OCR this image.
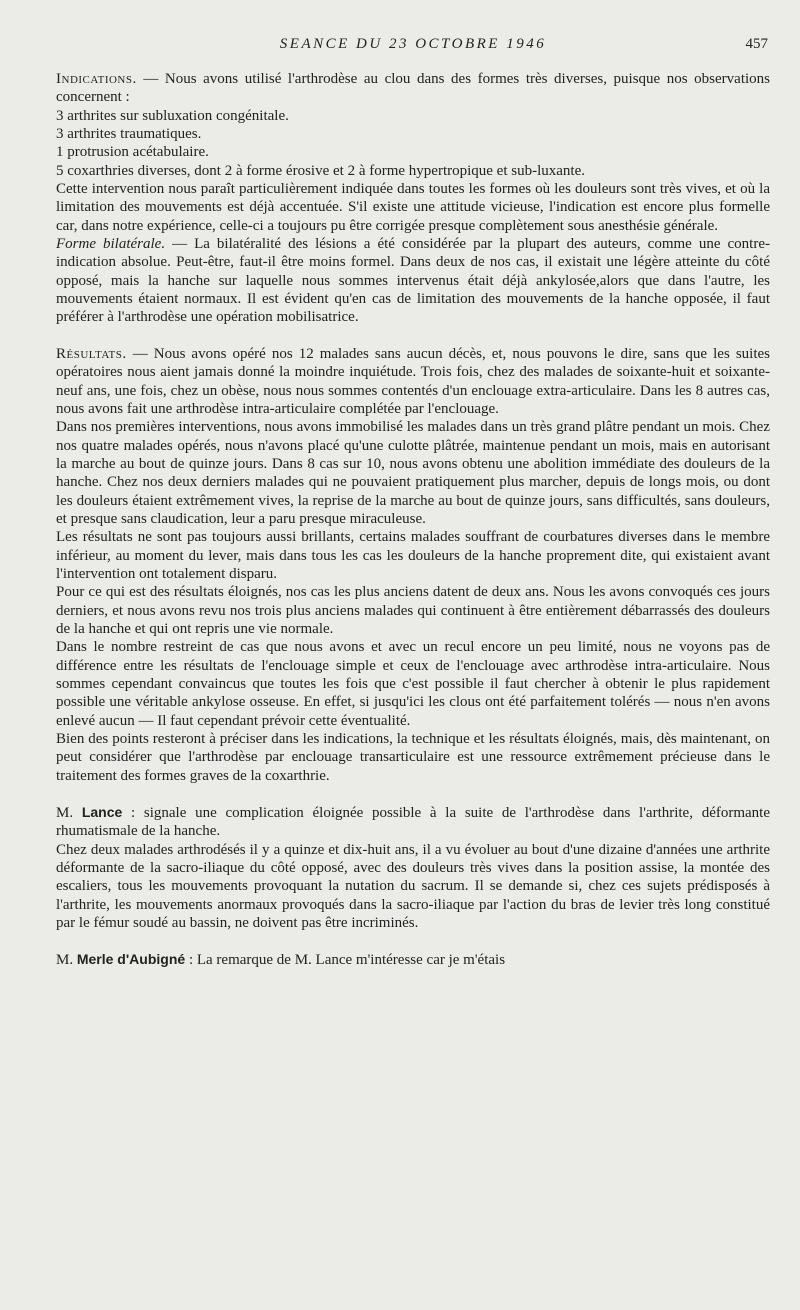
SEANCE DU 23 OCTOBRE 1946	457

Indications. — Nous avons utilisé l'arthrodèse au clou dans des formes très diverses, puisque nos observations concernent :

3 arthrites sur subluxation congénitale.

3 arthrites traumatiques.

1 protrusion acétabulaire.

5 coxarthries diverses, dont 2 à forme érosive et 2 à forme hypertropique et sub-luxante.

Cette intervention nous paraît particulièrement indiquée dans toutes les formes où les douleurs sont très vives, et où la limitation des mouvements est déjà accentuée. S'il existe une attitude vicieuse, l'indication est encore plus formelle car, dans notre expérience, celle-ci a toujours pu être corrigée presque complètement sous anesthésie générale.

Forme bilatérale. — La bilatéralité des lésions a été considérée par la plupart des auteurs, comme une contre-indication absolue. Peut-être, faut-il être moins formel. Dans deux de nos cas, il existait une légère atteinte du côté opposé, mais la hanche sur laquelle nous sommes intervenus était déjà ankylosée,alors que dans l'autre, les mouvements étaient normaux. Il est évident qu'en cas de limitation des mouvements de la hanche opposée, il faut préférer à l'arthrodèse une opération mobilisatrice.

Résultats. — Nous avons opéré nos 12 malades sans aucun décès, et, nous pouvons le dire, sans que les suites opératoires nous aient jamais donné la moindre inquiétude. Trois fois, chez des malades de soixante-huit et soixante-neuf ans, une fois, chez un obèse, nous nous sommes contentés d'un enclouage extra-articulaire. Dans les 8 autres cas, nous avons fait une arthrodèse intra-articulaire complétée par l'enclouage.

Dans nos premières interventions, nous avons immobilisé les malades dans un très grand plâtre pendant un mois. Chez nos quatre malades opérés, nous n'avons placé qu'une culotte plâtrée, maintenue pendant un mois, mais en autorisant la marche au bout de quinze jours. Dans 8 cas sur 10, nous avons obtenu une abolition immédiate des douleurs de la hanche. Chez nos deux derniers malades qui ne pouvaient pratiquement plus marcher, depuis de longs mois, ou dont les douleurs étaient extrêmement vives, la reprise de la marche au bout de quinze jours, sans difficultés, sans douleurs, et presque sans claudication, leur a paru presque miraculeuse.

Les résultats ne sont pas toujours aussi brillants, certains malades souffrant de courbatures diverses dans le membre inférieur, au moment du lever, mais dans tous les cas les douleurs de la hanche proprement dite, qui existaient avant l'intervention ont totalement disparu.

Pour ce qui est des résultats éloignés, nos cas les plus anciens datent de deux ans. Nous les avons convoqués ces jours derniers, et nous avons revu nos trois plus anciens malades qui continuent à être entièrement débarrassés des douleurs de la hanche et qui ont repris une vie normale.

Dans le nombre restreint de cas que nous avons et avec un recul encore un peu limité, nous ne voyons pas de différence entre les résultats de l'enclouage simple et ceux de l'enclouage avec arthrodèse intra-articulaire. Nous sommes cependant convaincus que toutes les fois que c'est possible il faut chercher à obtenir le plus rapidement possible une véritable ankylose osseuse. En effet, si jusqu'ici les clous ont été parfaitement tolérés — nous n'en avons enlevé aucun — Il faut cependant prévoir cette éventualité.

Bien des points resteront à préciser dans les indications, la technique et les résultats éloignés, mais, dès maintenant, on peut considérer que l'arthrodèse par enclouage transarticulaire est une ressource extrêmement précieuse dans le traitement des formes graves de la coxarthrie.

M. Lance : signale une complication éloignée possible à la suite de l'arthrodèse dans l'arthrite, déformante rhumatismale de la hanche.

Chez deux malades arthrodésés il y a quinze et dix-huit ans, il a vu évoluer au bout d'une dizaine d'années une arthrite déformante de la sacro-iliaque du côté opposé, avec des douleurs très vives dans la position assise, la montée des escaliers, tous les mouvements provoquant la nutation du sacrum. Il se demande si, chez ces sujets prédisposés à l'arthrite, les mouvements anormaux provoqués dans la sacro-iliaque par l'action du bras de levier très long constitué par le fémur soudé au bassin, ne doivent pas être incriminés.

M. Merle d'Aubigné : La remarque de M. Lance m'intéresse car je m'étais
